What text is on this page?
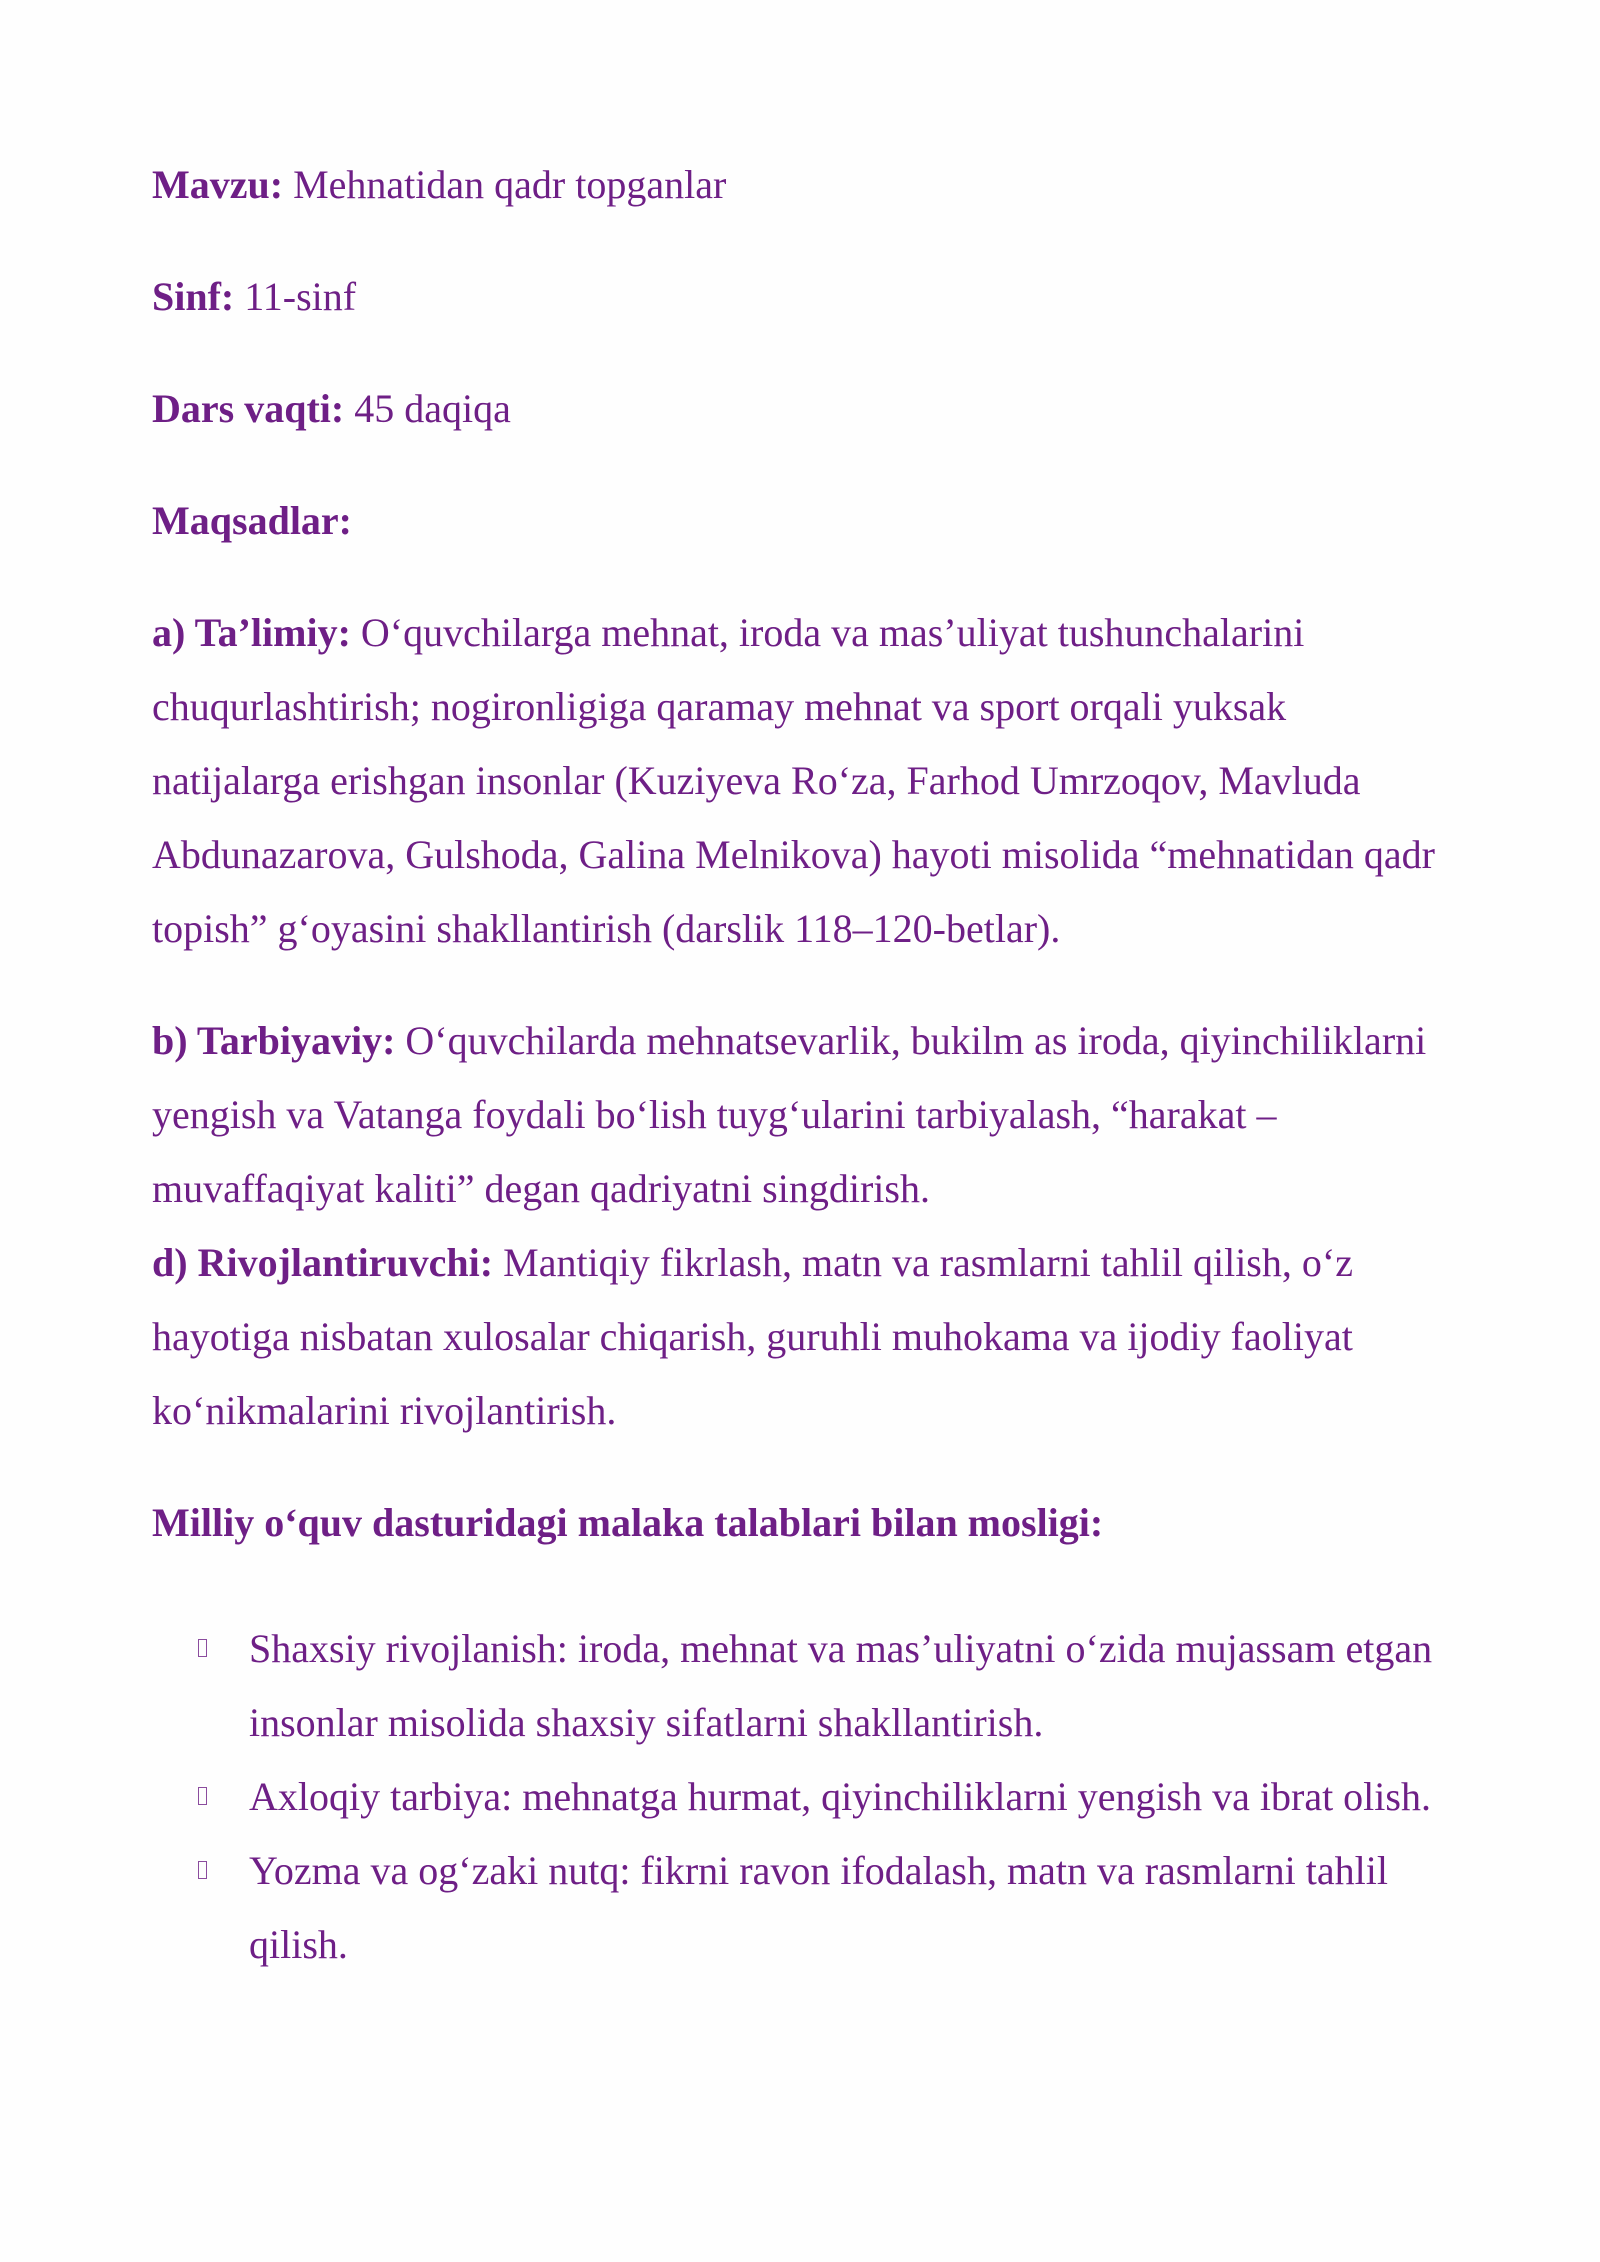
Mavzu: Mehnatidan qadr topganlar

Sinf: 11-sinf

Dars vaqti: 45 daqiqa

Maqsadlar:

a) Ta’limiy: O‘quvchilarga mehnat, iroda va mas’uliyat tushunchalarini chuqurlashtirish; nogironligiga qaramay mehnat va sport orqali yuksak natijalarga erishgan insonlar (Kuziyeva Ro‘za, Farhod Umrzoqov, Mavluda Abdunazarova, Gulshoda, Galina Melnikova) hayoti misolida “mehnatidan qadr topish” g‘oyasini shakllantirish (darslik 118–120-betlar).

b) Tarbiyaviy: O‘quvchilarda mehnatsevarlik, bukilm as iroda, qiyinchiliklarni yengish va Vatanga foydali bo‘lish tuyg‘ularini tarbiyalash, “harakat – muvaffaqiyat kaliti” degan qadriyatni singdirish.

d) Rivojlantiruvchi: Mantiqiy fikrlash, matn va rasmlarni tahlil qilish, o‘z hayotiga nisbatan xulosalar chiqarish, guruhli muhokama va ijodiy faoliyat ko‘nikmalarini rivojlantirish.

Milliy o‘quv dasturidagi malaka talablari bilan mosligi:

Shaxsiy rivojlanish: iroda, mehnat va mas’uliyatni o‘zida mujassam etgan insonlar misolida shaxsiy sifatlarni shakllantirish.
Axloqiy tarbiya: mehnatga hurmat, qiyinchiliklarni yengish va ibrat olish.
Yozma va og‘zaki nutq: fikrni ravon ifodalash, matn va rasmlarni tahlil qilish.
